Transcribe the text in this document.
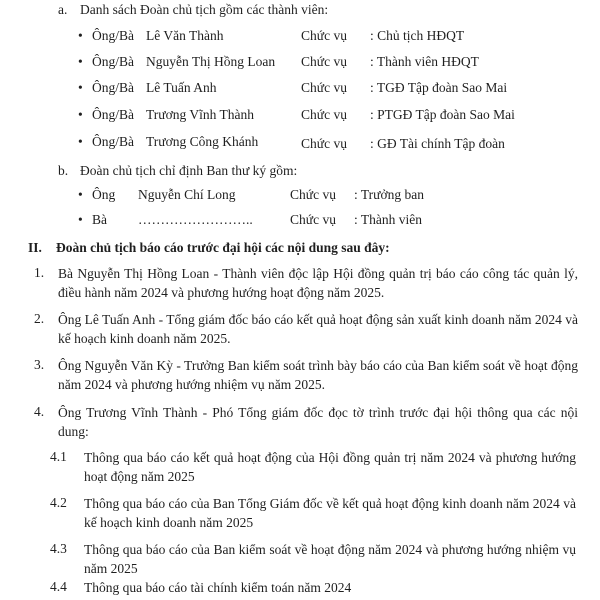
a. Danh sách Đoàn chủ tịch gồm các thành viên:
• Ông/Bà Lê Văn Thành	Chức vụ : Chủ tịch HĐQT
• Ông/Bà Nguyễn Thị Hồng Loan Chức vụ : Thành viên HĐQT
• Ông/Bà Lê Tuấn Anh	Chức vụ : TGĐ Tập đoàn Sao Mai
• Ông/Bà Trương Vĩnh Thành	Chức vụ : PTGĐ Tập đoàn Sao Mai
• Ông/Bà Trương Công Khánh	Chức vụ : GĐ Tài chính Tập đoàn
b. Đoàn chủ tịch chỉ định Ban thư ký gồm:
• Ông Nguyễn Chí Long	Chức vụ : Trưởng ban
• Bà ……………………..	Chức vụ : Thành viên
II. Đoàn chủ tịch báo cáo trước đại hội các nội dung sau đây:
1. Bà Nguyễn Thị Hồng Loan - Thành viên độc lập Hội đồng quản trị báo cáo công tác quản lý, điều hành năm 2024 và phương hướng hoạt động năm 2025.
2. Ông Lê Tuấn Anh - Tổng giám đốc báo cáo kết quả hoạt động sản xuất kinh doanh năm 2024 và kế hoạch kinh doanh năm 2025.
3. Ông Nguyễn Văn Kỳ - Trưởng Ban kiểm soát trình bày báo cáo của Ban kiểm soát về hoạt động năm 2024 và phương hướng nhiệm vụ năm 2025.
4. Ông Trương Vĩnh Thành - Phó Tổng giám đốc đọc tờ trình trước đại hội thông qua các nội dung:
4.1 Thông qua báo cáo kết quả hoạt động của Hội đồng quản trị năm 2024 và phương hướng hoạt động năm 2025
4.2 Thông qua báo cáo của Ban Tổng Giám đốc về kết quả hoạt động kinh doanh năm 2024 và kế hoạch kinh doanh năm 2025
4.3 Thông qua báo cáo của Ban kiểm soát về hoạt động năm 2024 và phương hướng nhiệm vụ năm 2025
4.4 Thông qua báo cáo tài chính kiểm toán năm 2024
